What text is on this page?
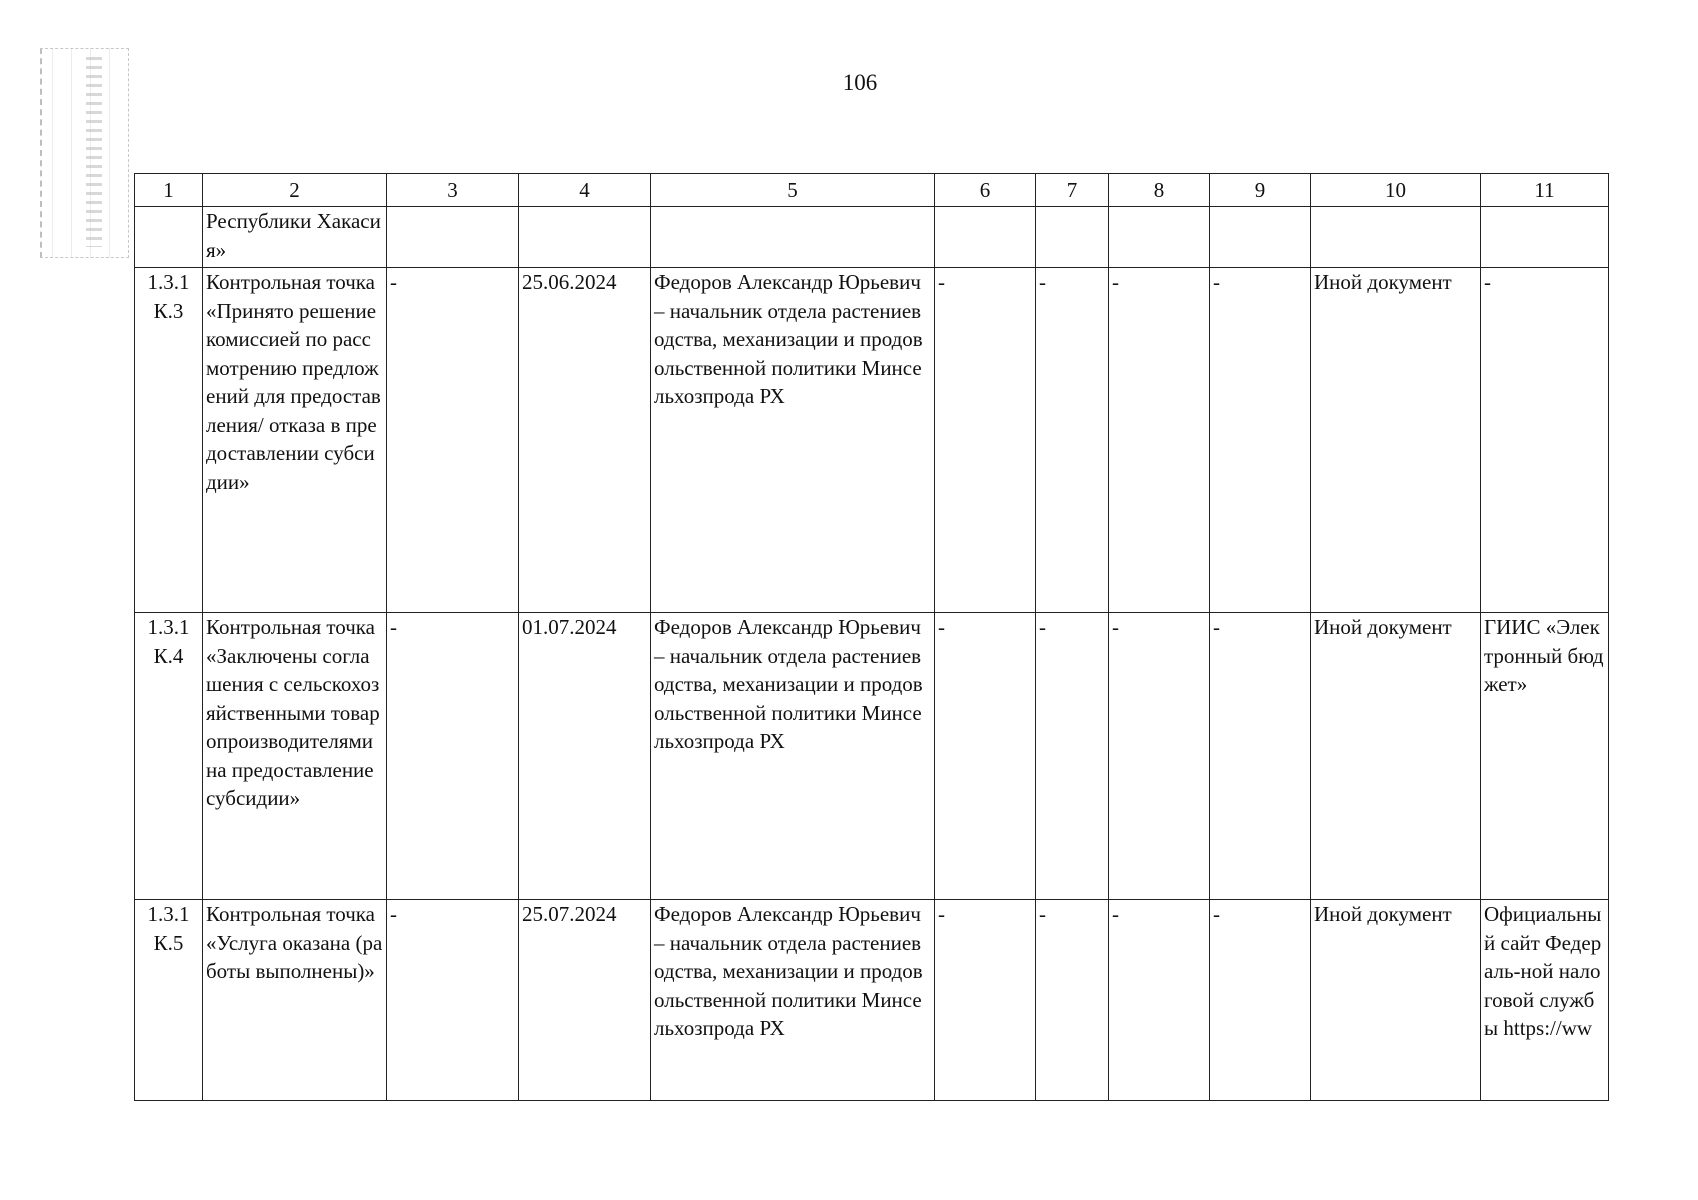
106
1	2	3	4	5	6	7	8	9	10	11
	Республики Хакасия»									
1.3.1 К.3	Контрольная точка «Принято решение комиссией по рассмотрению предложений для предоставления/ отказа в предоставлении субсидии»	-	25.06.2024	Федоров Александр Юрьевич – начальник отдела растениеводства, механизации и продовольственной политики Минсельхозпрода РХ	-	-	-	-	Иной документ	-
1.3.1 К.4	Контрольная точка «Заключены соглашения с сельскохозяйственными товаропроизводителями на предоставление субсидии»	-	01.07.2024	Федоров Александр Юрьевич – начальник отдела растениеводства, механизации и продовольственной политики Минсельхозпрода РХ	-	-	-	-	Иной документ	ГИИС «Электронный бюджет»
1.3.1 К.5	Контрольная точка «Услуга оказана (работы выполнены)»	-	25.07.2024	Федоров Александр Юрьевич – начальник отдела растениеводства, механизации и продовольственной политики Минсельхозпрода РХ	-	-	-	-	Иной документ	Официальный сайт Федераль-ной налоговой службы https://ww
